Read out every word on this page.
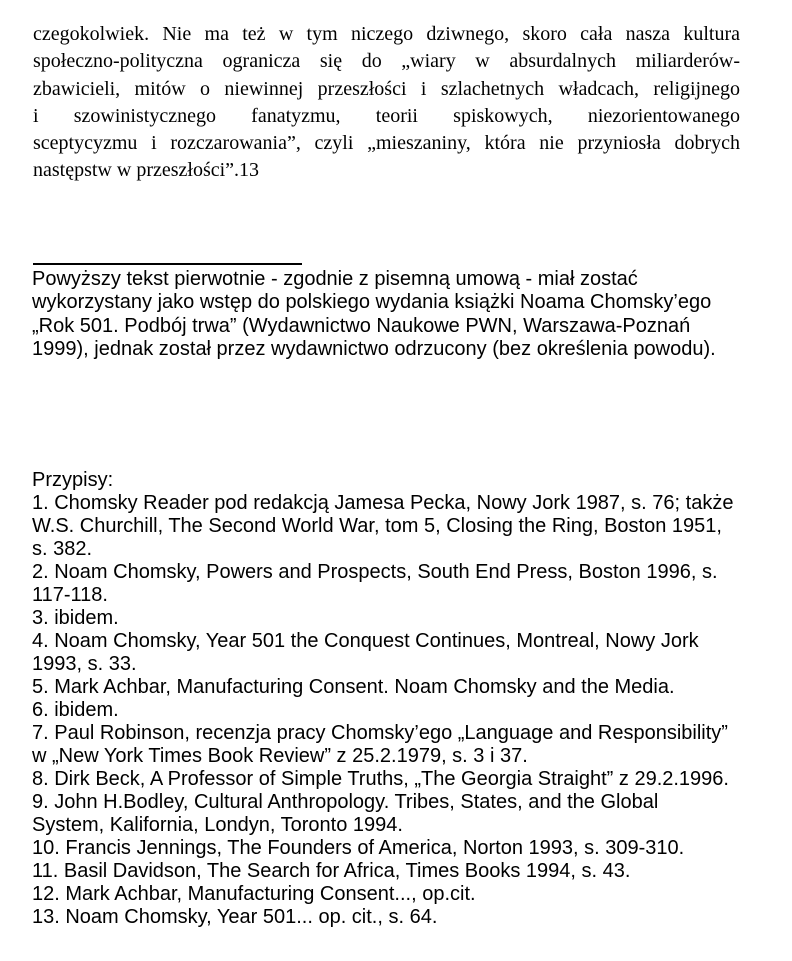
czegokolwiek. Nie ma też w tym niczego dziwnego, skoro cała nasza kultura
społeczno-polityczna ogranicza się do „wiary w absurdalnych miliarderów-
zbawicieli, mitów o niewinnej przeszłości i szlachetnych władcach, religijnego
i szowinistycznego fanatyzmu, teorii spiskowych, niezorientowanego
sceptycyzmu i rozczarowania”, czyli „mieszaniny, która nie przyniosła dobrych
następstw w przeszłości”.13
Powyższy tekst pierwotnie - zgodnie z pisemną umową - miał zostać
wykorzystany jako wstęp do polskiego wydania książki Noama Chomsky’ego
„Rok 501. Podbój trwa” (Wydawnictwo Naukowe PWN, Warszawa-Poznań
1999), jednak został przez wydawnictwo odrzucony (bez określenia powodu).
Przypisy:
1. Chomsky Reader pod redakcją Jamesa Pecka, Nowy Jork 1987, s. 76; także
W.S. Churchill, The Second World War, tom 5, Closing the Ring, Boston 1951,
s. 382.
2. Noam Chomsky, Powers and Prospects, South End Press, Boston 1996, s.
117-118.
3. ibidem.
4. Noam Chomsky, Year 501 the Conquest Continues, Montreal, Nowy Jork
1993, s. 33.
5. Mark Achbar, Manufacturing Consent. Noam Chomsky and the Media.
6. ibidem.
7. Paul Robinson, recenzja pracy Chomsky’ego „Language and Responsibility”
w „New York Times Book Review” z 25.2.1979, s. 3 i 37.
8. Dirk Beck, A Professor of Simple Truths, „The Georgia Straight” z 29.2.1996.
9. John H.Bodley, Cultural Anthropology. Tribes, States, and the Global
System, Kalifornia, Londyn, Toronto 1994.
10. Francis Jennings, The Founders of America, Norton 1993, s. 309-310.
11. Basil Davidson, The Search for Africa, Times Books 1994, s. 43.
12. Mark Achbar, Manufacturing Consent..., op.cit.
13. Noam Chomsky, Year 501... op. cit., s. 64.
